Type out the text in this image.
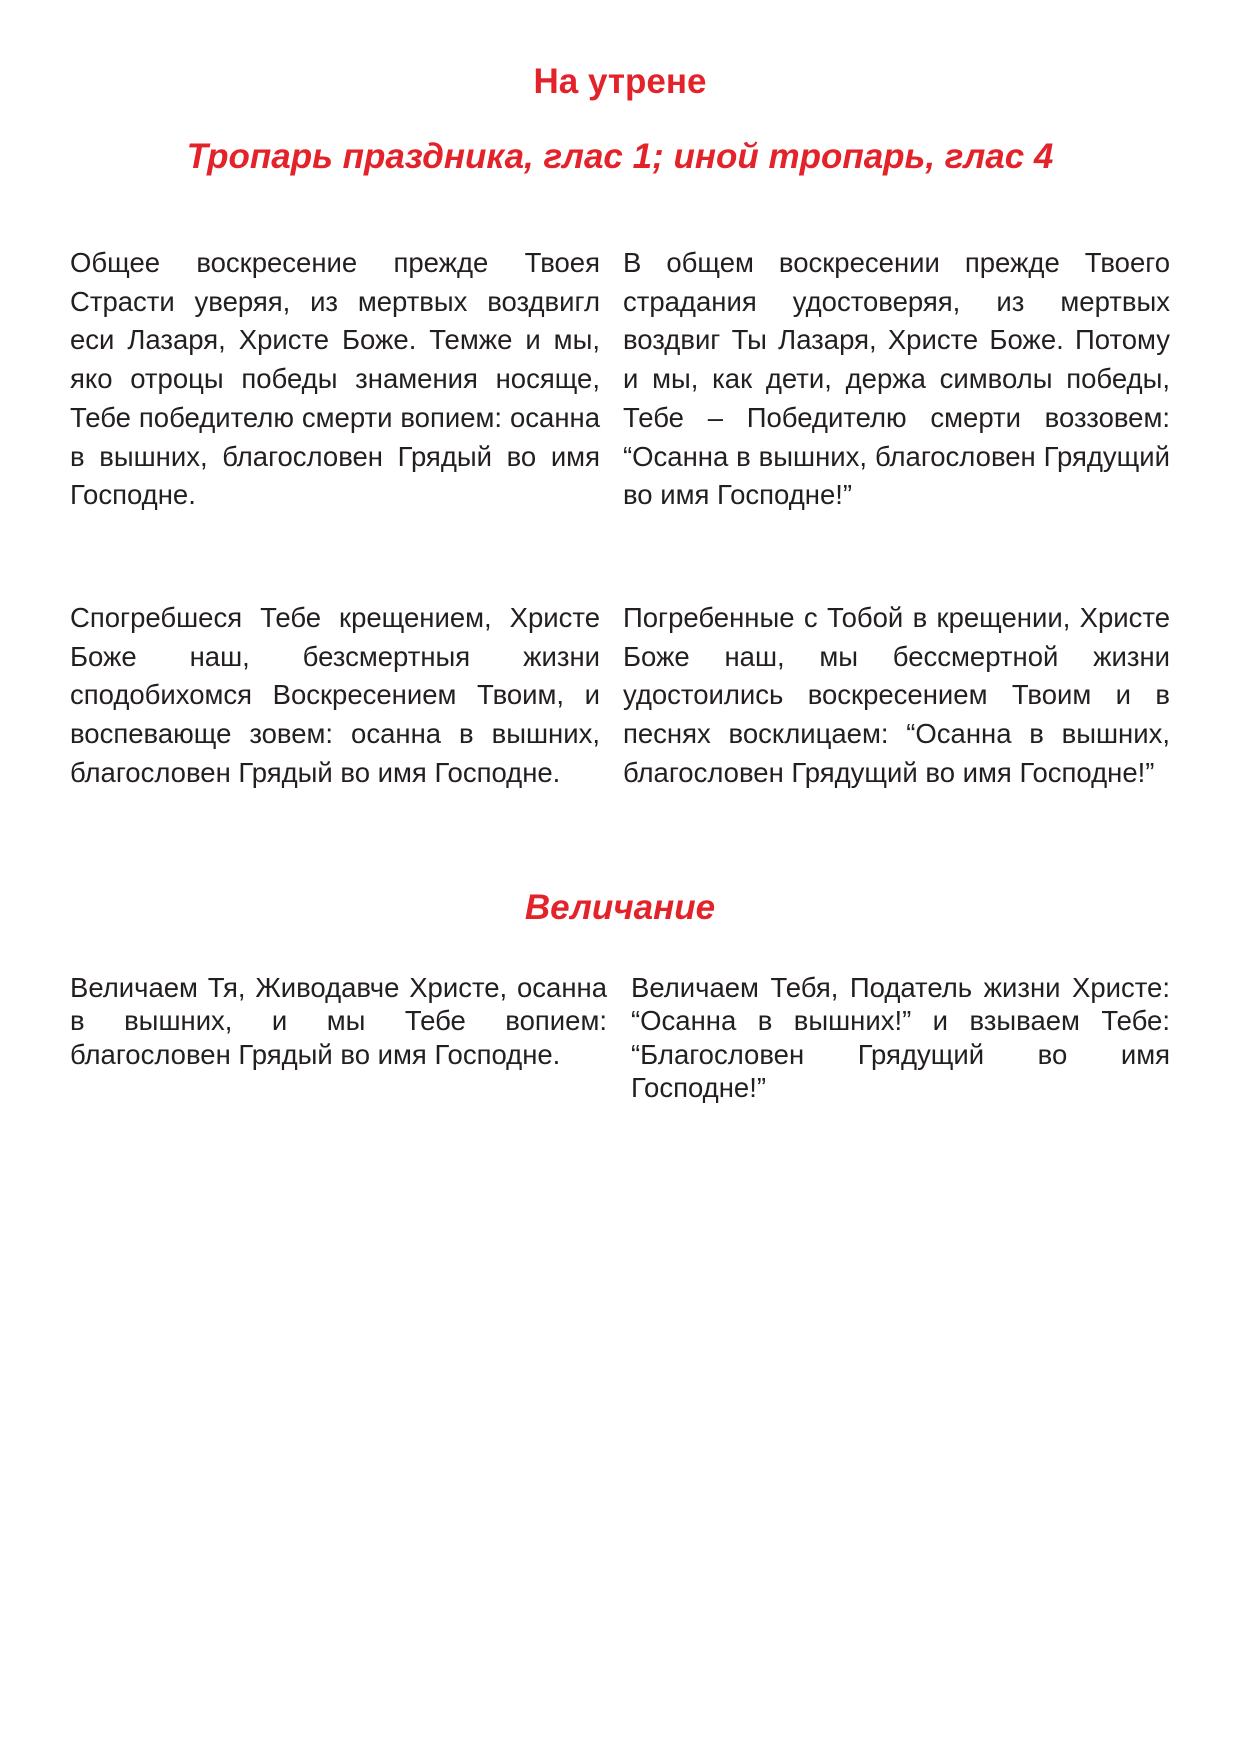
На утрене
Тропарь праздника, глас 1; иной тропарь, глас 4

Общее воскресение прежде Твоея Страсти уверяя, из мертвых воздвигл еси Лазаря, Христе Боже. Темже и мы, яко отроцы победы знамения носяще, Тебе победителю смерти вопием: осанна в вышних, благословен Грядый во имя Господне.

В общем воскресении прежде Твоего страдания удостоверяя, из мертвых воздвиг Ты Лазаря, Христе Боже. Потому и мы, как дети, держа символы победы, Тебе – Победителю смерти воззовем: “Осанна в вышних, благословен Грядущий во имя Господне!”

Спогребшеся Тебе крещением, Христе Боже наш, безсмертныя жизни сподобихомся Воскресением Твоим, и воспевающе зовем: осанна в вышних, благословен Грядый во имя Господне.

Погребенные с Тобой в крещении, Христе Боже наш, мы бессмертной жизни удостоились воскресением Твоим и в песнях восклицаем: “Осанна в вышних, благословен Грядущий во имя Господне!”

Величание

Величаем Тя, Живодавче Христе, осанна в вышних, и мы Тебе вопием: благословен Грядый во имя Господне.

Величаем Тебя, Податель жизни Христе: “Осанна в вышних!” и взываем Тебе: “Благословен Грядущий во имя Господне!”
